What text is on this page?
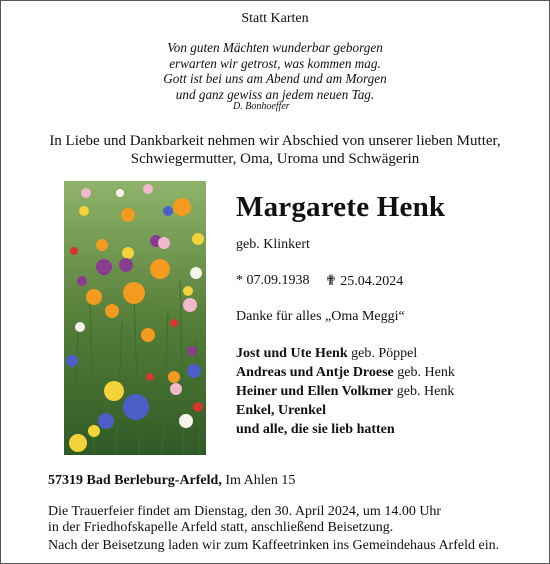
Statt Karten

Von guten Mächten wunderbar geborgen
erwarten wir getrost, was kommen mag.
Gott ist bei uns am Abend und am Morgen
und ganz gewiss an jedem neuen Tag.

D. Bonhoeffer

In Liebe und Dankbarkeit nehmen wir Abschied von unserer lieben Mutter,
Schwiegermutter, Oma, Uroma und Schwägerin

Margarete Henk

geb. Klinkert

* 07.09.1938 ✟ 25.04.2024

Danke für alles „Oma Meggi“

Jost und Ute Henk geb. Pöppel
Andreas und Antje Droese geb. Henk
Heiner und Ellen Volkmer geb. Henk
Enkel, Urenkel
und alle, die sie lieb hatten

57319 Bad Berleburg-Arfeld, Im Ahlen 15

Die Trauerfeier findet am Dienstag, den 30. April 2024, um 14.00 Uhr
in der Friedhofskapelle Arfeld statt, anschließend Beisetzung.

Nach der Beisetzung laden wir zum Kaffeetrinken ins Gemeindehaus Arfeld ein.
